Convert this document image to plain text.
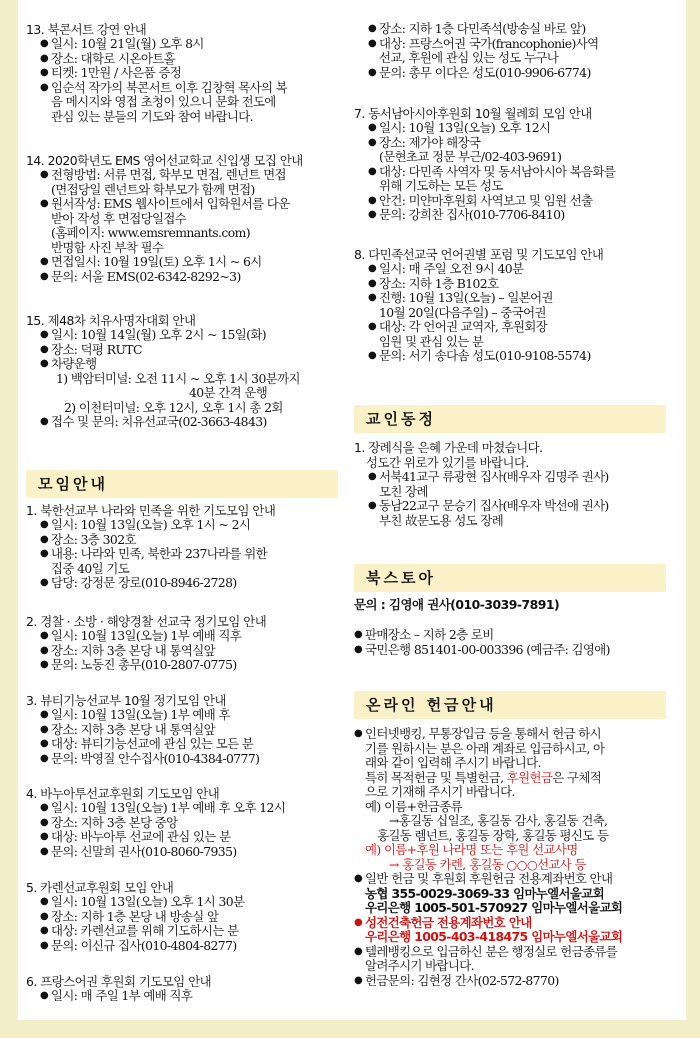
13. 북콘서트 강연 안내
● 일시: 10월 21일(월) 오후 8시
● 장소: 대학로 시온아트홀
● 티켓: 1만원 / 사은품 증정
● 임순석 작가의 북콘서트 이후 김창혁 목사의 복
음 메시지와 영접 초청이 있으니 문화 전도에
관심 있는 분들의 기도와 참여 바랍니다.
14. 2020학년도 EMS 영어선교학교 신입생 모집 안내
● 전형방법: 서류 면접, 학부모 면접, 렌넌트 면접
(면접당일 렌넌트와 학부모가 함께 면접)
● 원서작성: EMS 웹사이트에서 입학원서를 다운
받아 작성 후 면접당일접수
(홈페이지: www.emsremnants.com)
반명함 사진 부착 필수
● 면접일시: 10월 19일(토) 오후 1시 ~ 6시
● 문의: 서울 EMS(02-6342-8292~3)
15. 제48차 치유사명자대회 안내
● 일시: 10월 14일(월) 오후 2시 ~ 15일(화)
● 장소: 덕평 RUTC
● 차량운행
1) 백암터미널: 오전 11시 ~ 오후 1시 30분까지
40분 간격 운행
2) 이천터미널: 오후 12시, 오후 1시 총 2회
● 접수 및 문의: 치유선교국(02-3663-4843)
모임안내
1. 북한선교부 나라와 민족을 위한 기도모임 안내
● 일시: 10월 13일(오늘) 오후 1시 ~ 2시
● 장소: 3층 302호
● 내용: 나라와 민족, 북한과 237나라를 위한
집중 40일 기도
● 담당: 강정문 장로(010-8946-2728)
2. 경찰 · 소방 · 해양경찰 선교국 정기모임 안내
● 일시: 10월 13일(오늘) 1부 예배 직후
● 장소: 지하 3층 본당 내 통역실앞
● 문의: 노동진 총무(010-2807-0775)
3. 뷰티기능선교부 10월 정기모임 안내
● 일시: 10월 13일(오늘) 1부 예배 후
● 장소: 지하 3층 본당 내 통역실앞
● 대상: 뷰티기능선교에 관심 있는 모든 분
● 문의: 박영질 안수집사(010-4384-0777)
4. 바누아투선교후원회 기도모임 안내
● 일시: 10월 13일(오늘) 1부 예배 후 오후 12시
● 장소: 지하 3층 본당 중앙
● 대상: 바누아투 선교에 관심 있는 분
● 문의: 신말희 권사(010-8060-7935)
5. 카렌선교후원회 모임 안내
● 일시: 10월 13일(오늘) 오후 1시 30분
● 장소: 지하 1층 본당 내 방송실 앞
● 대상: 카렌선교를 위해 기도하시는 분
● 문의: 이신규 집사(010-4804-8277)
6. 프랑스어권 후원회 기도모임 안내
● 일시: 매 주일 1부 예배 직후
● 장소: 지하 1층 다민족석(방송실 바로 앞)
● 대상: 프랑스어권 국가(francophonie)사역
선교, 후원에 관심 있는 성도 누구나
● 문의: 총무 이다은 성도(010-9906-6774)
7. 동서남아시아후원회 10월 월례회 모임 안내
● 일시: 10월 13일(오늘) 오후 12시
● 장소: 제가야 해장국
(문현초교 정문 부근/02-403-9691)
● 대상: 다민족 사역자 및 동서남아시아 복음화를
위해 기도하는 모든 성도
● 안건: 미얀마후원회 사역보고 및 임원 선출
● 문의: 강희찬 집사(010-7706-8410)
8. 다민족선교국 언어권별 포럼 및 기도모임 안내
● 일시: 매 주일 오전 9시 40분
● 장소: 지하 1층 B102호
● 진행: 10월 13일(오늘) – 일본어권
10월 20일(다음주일) – 중국어권
● 대상: 각 언어권 교역자, 후원회장
임원 및 관심 있는 분
● 문의: 서기 송다솜 성도(010-9108-5574)
교인동정
1. 장례식을 은혜 가운데 마쳤습니다.
성도간 위로가 있기를 바랍니다.
● 서북41교구 류광현 집사(배우자 김명주 권사)
모친 장례
● 동남22교구 문승기 집사(배우자 박선애 권사)
부친 故문도용 성도 장례
북스토아
문의 : 김영애 권사(010-3039-7891)
● 판매장소 – 지하 2층 로비
● 국민은행 851401-00-003396 (예금주: 김영애)
온라인 헌금안내
● 인터넷뱅킹, 무통장입금 등을 통해서 헌금 하시
기를 원하시는 분은 아래 계좌로 입금하시고, 아
래와 같이 입력해 주시기 바랍니다.
특히 목적헌금 및 특별헌금, 후원헌금은 구체적
으로 기재해 주시기 바랍니다.
예) 이름+헌금종류
→홍길동 십일조, 홍길동 감사, 홍길동 건축,
홍길동 렘넌트, 홍길동 장학, 홍길동 평신도 등
예) 이름+후원 나라명 또는 후원 선교사명
→ 홍길동 카렌, 홍길동 ○○○선교사 등
● 일반 헌금 및 후원회 후원헌금 전용계좌번호 안내
농협 355-0029-3069-33 임마누엘서울교회
우리은행 1005-501-570927 임마누엘서울교회
● 성전건축헌금 전용계좌번호 안내
우리은행 1005-403-418475 임마누엘서울교회
● 텔레뱅킹으로 입금하신 분은 행정실로 헌금종류를
알려주시기 바랍니다.
● 헌금문의: 김현정 간사(02-572-8770)
